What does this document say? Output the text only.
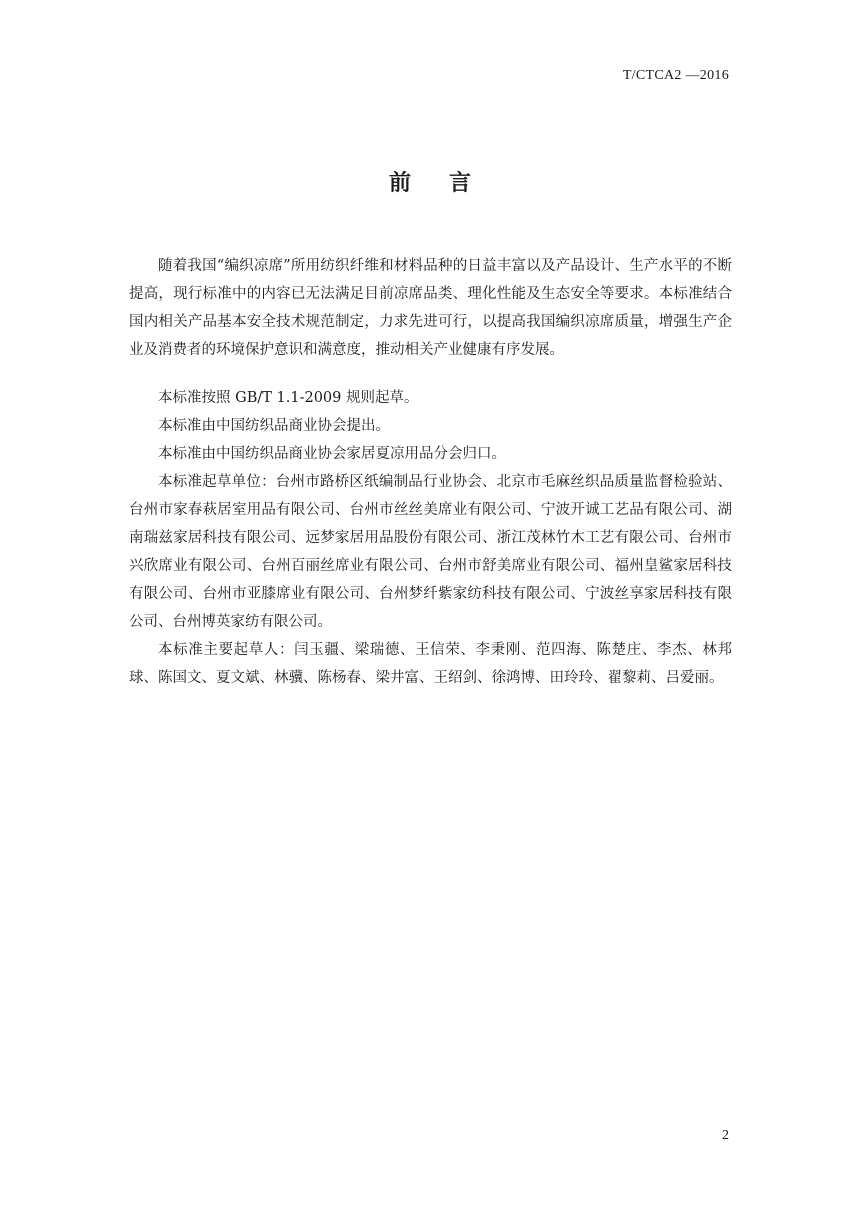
T/CTCA2 —2016
前言

随着我国“编织凉席”所用纺织纤维和材料品种的日益丰富以及产品设计、生产水平的不断提高，现行标准中的内容已无法满足目前凉席品类、理化性能及生态安全等要求。本标准结合国内相关产品基本安全技术规范制定，力求先进可行，以提高我国编织凉席质量，增强生产企业及消费者的环境保护意识和满意度，推动相关产业健康有序发展。

本标准按照 GB/T 1.1-2009 规则起草。

本标准由中国纺织品商业协会提出。

本标准由中国纺织品商业协会家居夏凉用品分会归口。

本标准起草单位：台州市路桥区纸编制品行业协会、北京市毛麻丝织品质量监督检验站、台州市家春萩居室用品有限公司、台州市丝丝美席业有限公司、宁波开诚工艺品有限公司、湖南瑞兹家居科技有限公司、远梦家居用品股份有限公司、浙江茂林竹木工艺有限公司、台州市兴欣席业有限公司、台州百丽丝席业有限公司、台州市舒美席业有限公司、福州皇鲨家居科技有限公司、台州市亚膝席业有限公司、台州梦纤紫家纺科技有限公司、宁波丝享家居科技有限公司、台州博英家纺有限公司。

本标准主要起草人：闫玉疆、梁瑞德、王信荣、李秉刚、范四海、陈楚庄、李杰、林邦球、陈国文、夏文斌、林骥、陈杨春、梁井富、王绍剑、徐鸿博、田玲玲、翟黎莉、吕爱丽。

2
